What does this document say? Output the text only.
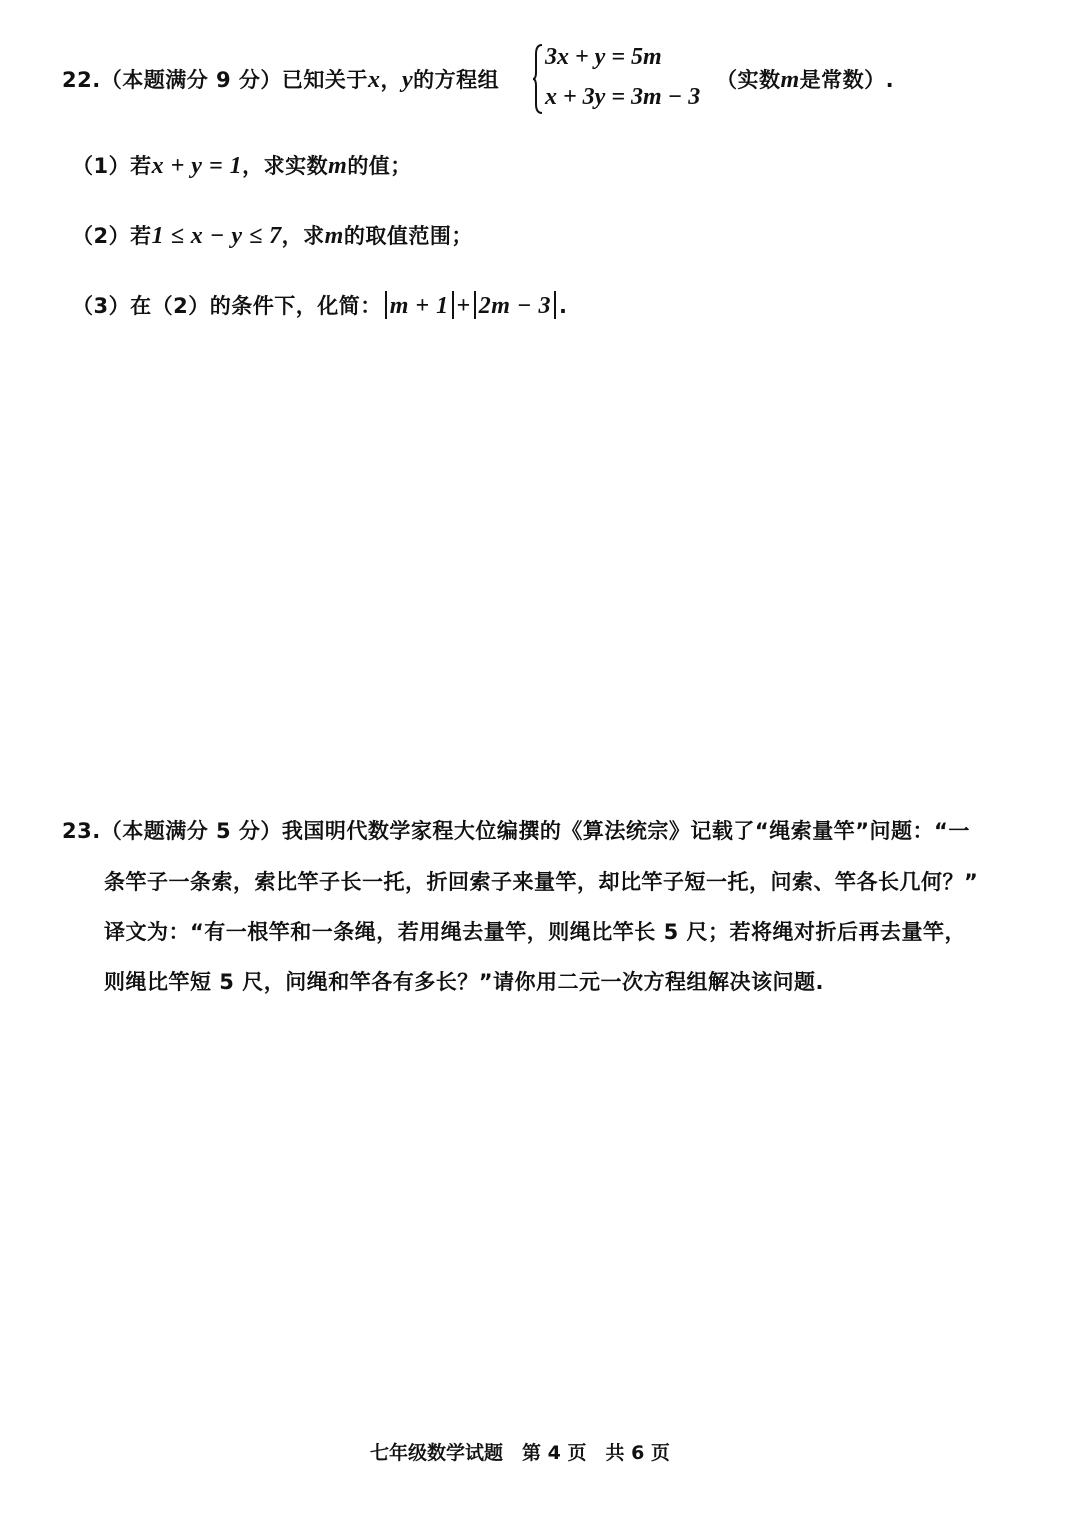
22.（本题满分 9 分）已知关于x，y的方程组
3x + y = 5m
x + 3y = 3m − 3
（实数m是常数）.
（1）若x + y = 1，求实数m的值；
（2）若1 ≤ x − y ≤ 7，求m的取值范围；
（3）在（2）的条件下，化简： m + 1 + 2m − 3 .
23.（本题满分 5 分）我国明代数学家程大位编撰的《算法统宗》记载了“绳索量竿”问题：“一
条竿子一条索，索比竿子长一托，折回索子来量竿，却比竿子短一托，问索、竿各长几何？”
译文为：“有一根竿和一条绳，若用绳去量竿，则绳比竿长 5 尺；若将绳对折后再去量竿，
则绳比竿短 5 尺，问绳和竿各有多长？”请你用二元一次方程组解决该问题.
七年级数学试题　第 4 页　共 6 页
